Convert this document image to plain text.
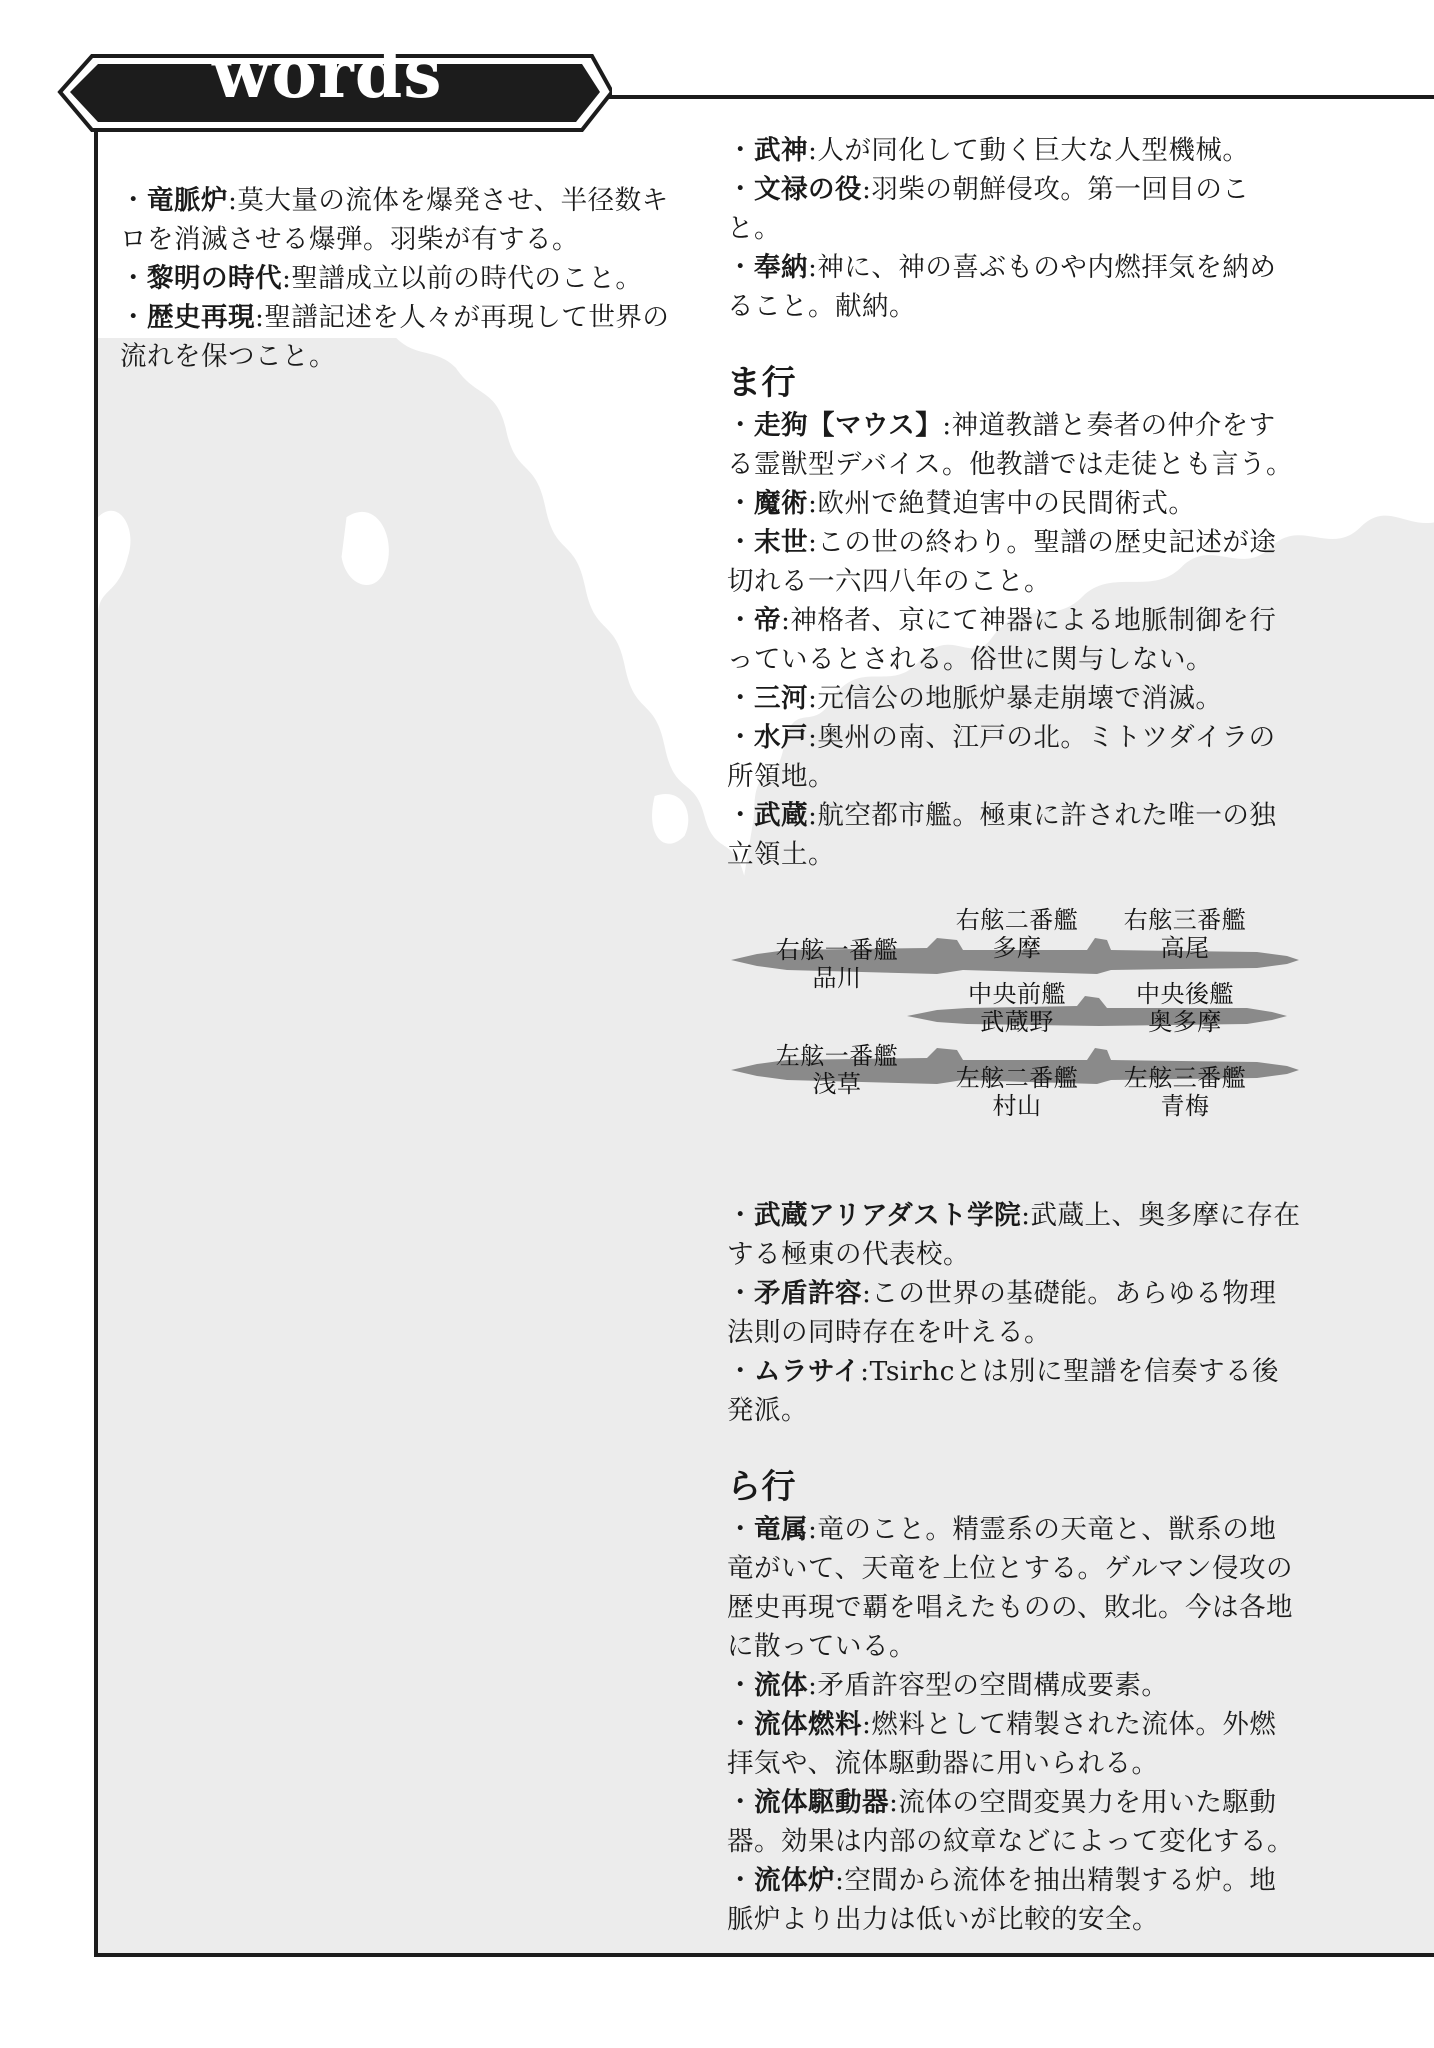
words

・竜脈炉:莫大量の流体を爆発させ、半径数キロを消滅させる爆弾。羽柴が有する。

・黎明の時代:聖譜成立以前の時代のこと。

・歴史再現:聖譜記述を人々が再現して世界の流れを保つこと。

・武神:人が同化して動く巨大な人型機械。

・文禄の役:羽柴の朝鮮侵攻。第一回目のこと。

・奉納:神に、神の喜ぶものや内燃拝気を納めること。献納。

ま行

・走狗【マウス】:神道教譜と奏者の仲介をする霊獣型デバイス。他教譜では走徒とも言う。

・魔術:欧州で絶賛迫害中の民間術式。

・末世:この世の終わり。聖譜の歴史記述が途切れる一六四八年のこと。

・帝:神格者、京にて神器による地脈制御を行っているとされる。俗世に関与しない。

・三河:元信公の地脈炉暴走崩壊で消滅。

・水戸:奥州の南、江戸の北。ミトツダイラの所領地。

・武蔵:航空都市艦。極東に許された唯一の独立領土。

右舷二番艦
多摩
右舷三番艦
高尾
右舷一番艦
品川
中央前艦
武蔵野
中央後艦
奥多摩
左舷一番艦
浅草	左舷二番艦
村山
左舷三番艦
青梅

・武蔵アリアダスト学院:武蔵上、奥多摩に存在する極東の代表校。

・矛盾許容:この世界の基礎能。あらゆる物理法則の同時存在を叶える。

・ムラサイ:Tsirhcとは別に聖譜を信奏する後発派。

ら行

・竜属:竜のこと。精霊系の天竜と、獣系の地竜がいて、天竜を上位とする。ゲルマン侵攻の歴史再現で覇を唱えたものの、敗北。今は各地に散っている。

・流体:矛盾許容型の空間構成要素。

・流体燃料:燃料として精製された流体。外燃拝気や、流体駆動器に用いられる。

・流体駆動器:流体の空間変異力を用いた駆動器。効果は内部の紋章などによって変化する。

・流体炉:空間から流体を抽出精製する炉。地脈炉より出力は低いが比較的安全。
